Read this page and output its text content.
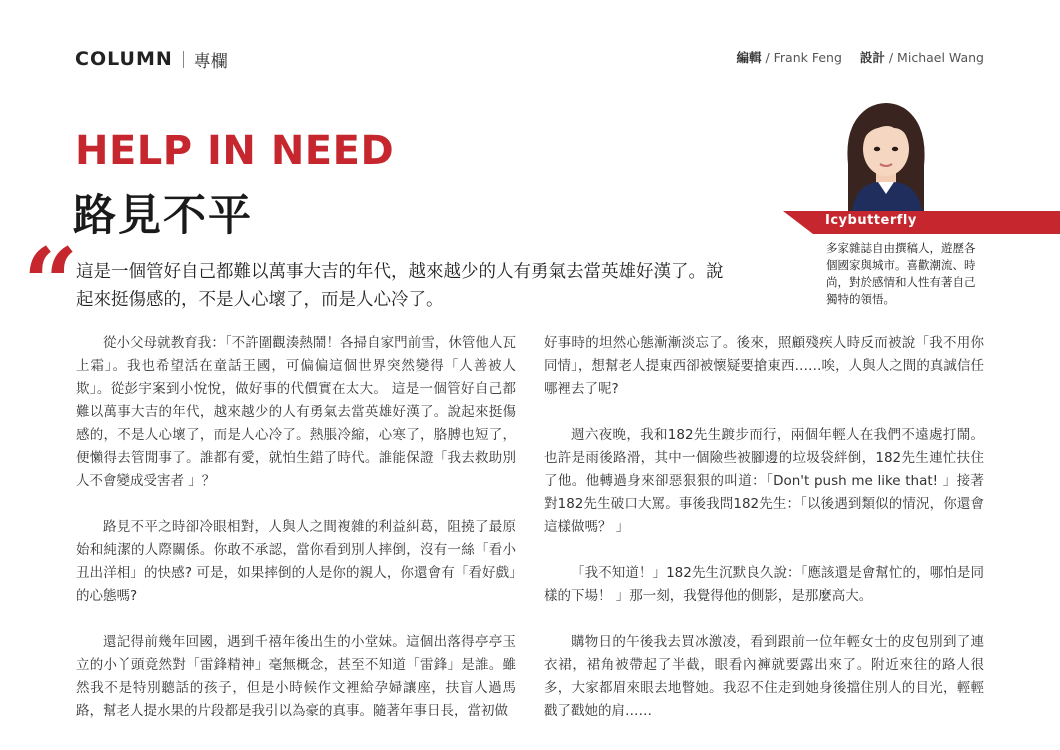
COLUMN 專欄	編輯 / Frank Feng 設計 / Michael Wang
HELP IN NEED
路見不平
“

這是一個管好自己都難以萬事大吉的年代，越來越少的人有勇氣去當英雄好漢了。說起來挺傷感的，不是人心壞了，而是人心冷了。

Icybutterfly

多家雜誌自由撰稿人，遊歷各個國家與城市。喜歡潮流、時尚，對於感情和人性有著自己獨特的領悟。

從小父母就教育我：「不許圍觀湊熱鬧！各掃自家門前雪，休管他人瓦上霜」。我也希望活在童話王國，可偏偏這個世界突然變得「人善被人欺」。從彭宇案到小悅悅，做好事的代價實在太大。 這是一個管好自己都難以萬事大吉的年代，越來越少的人有勇氣去當英雄好漢了。說起來挺傷感的，不是人心壞了，而是人心冷了。熱脹冷縮，心寒了，胳膊也短了，便懶得去管閒事了。誰都有愛，就怕生錯了時代。誰能保證「我去救助別人不會變成受害者 」？

路見不平之時卻冷眼相對，人與人之間複雜的利益糾葛，阻撓了最原始和純潔的人際關係。你敢不承認，當你看到別人摔倒，沒有一絲「看小丑出洋相」的快感? 可是，如果摔倒的人是你的親人，你還會有「看好戲」的心態嗎?

還記得前幾年回國，遇到千禧年後出生的小堂妹。這個出落得亭亭玉立的小丫頭竟然對「雷鋒精神」毫無概念，甚至不知道「雷鋒」是誰。雖然我不是特別聽話的孩子，但是小時候作文裡給孕婦讓座，扶盲人過馬路，幫老人提水果的片段都是我引以為豪的真事。隨著年事日長，當初做

好事時的坦然心態漸漸淡忘了。後來，照顧殘疾人時反而被說「我不用你同情」，想幫老人提東西卻被懷疑要搶東西……唉，人與人之間的真誠信任哪裡去了呢?

週六夜晚，我和182先生踱步而行，兩個年輕人在我們不遠處打鬧。也許是雨後路滑，其中一個險些被腳邊的垃圾袋絆倒，182先生連忙扶住了他。他轉過身來卻惡狠狠的叫道：「Don't push me like that! 」接著對182先生破口大罵。事後我問182先生：「以後遇到類似的情況，你還會這樣做嗎？ 」

「我不知道！」182先生沉默良久說：「應該還是會幫忙的，哪怕是同樣的下場！ 」那一刻，我覺得他的側影，是那麼高大。

購物日的午後我去買冰激凌，看到跟前一位年輕女士的皮包別到了連衣裙，裙角被帶起了半截，眼看內褲就要露出來了。附近來往的路人很多，大家都眉來眼去地瞥她。我忍不住走到她身後擋住別人的目光，輕輕戳了戳她的肩……
